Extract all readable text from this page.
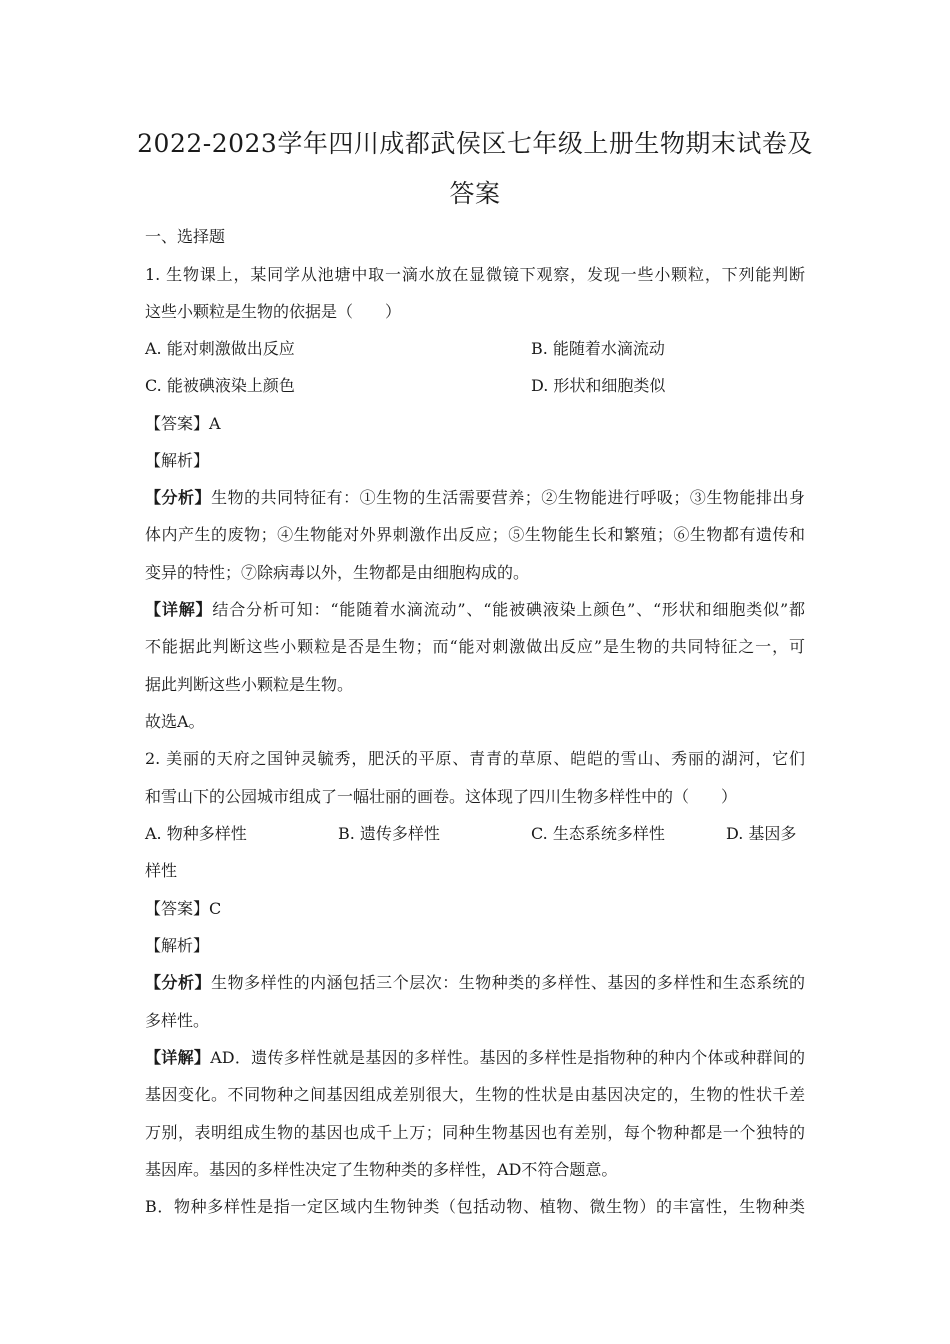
2022-2023学年四川成都武侯区七年级上册生物期末试卷及
答案
一、选择题
1. 生物课上，某同学从池塘中取一滴水放在显微镜下观察，发现一些小颗粒，下列能判断
这些小颗粒是生物的依据是（　　）
A. 能对刺激做出反应	B. 能随着水滴流动
C. 能被碘液染上颜色	D. 形状和细胞类似
【答案】A
【解析】
【分析】生物的共同特征有：①生物的生活需要营养；②生物能进行呼吸；③生物能排出身
体内产生的废物；④生物能对外界刺激作出反应；⑤生物能生长和繁殖；⑥生物都有遗传和
变异的特性；⑦除病毒以外，生物都是由细胞构成的。
【详解】结合分析可知：“能随着水滴流动”、“能被碘液染上颜色”、“形状和细胞类似”都
不能据此判断这些小颗粒是否是生物；而“能对刺激做出反应”是生物的共同特征之一，可
据此判断这些小颗粒是生物。
故选A。
2. 美丽的天府之国钟灵毓秀，肥沃的平原、青青的草原、皑皑的雪山、秀丽的湖河，它们
和雪山下的公园城市组成了一幅壮丽的画卷。这体现了四川生物多样性中的（　　）
A. 物种多样性	B. 遗传多样性	C. 生态系统多样性	D. 基因多
样性
【答案】C
【解析】
【分析】生物多样性的内涵包括三个层次：生物种类的多样性、基因的多样性和生态系统的
多样性。
【详解】AD．遗传多样性就是基因的多样性。基因的多样性是指物种的种内个体或种群间的
基因变化。不同物种之间基因组成差别很大，生物的性状是由基因决定的，生物的性状千差
万别，表明组成生物的基因也成千上万；同种生物基因也有差别，每个物种都是一个独特的
基因库。基因的多样性决定了生物种类的多样性，AD不符合题意。
B．物种多样性是指一定区域内生物钟类（包括动物、植物、微生物）的丰富性，生物种类
